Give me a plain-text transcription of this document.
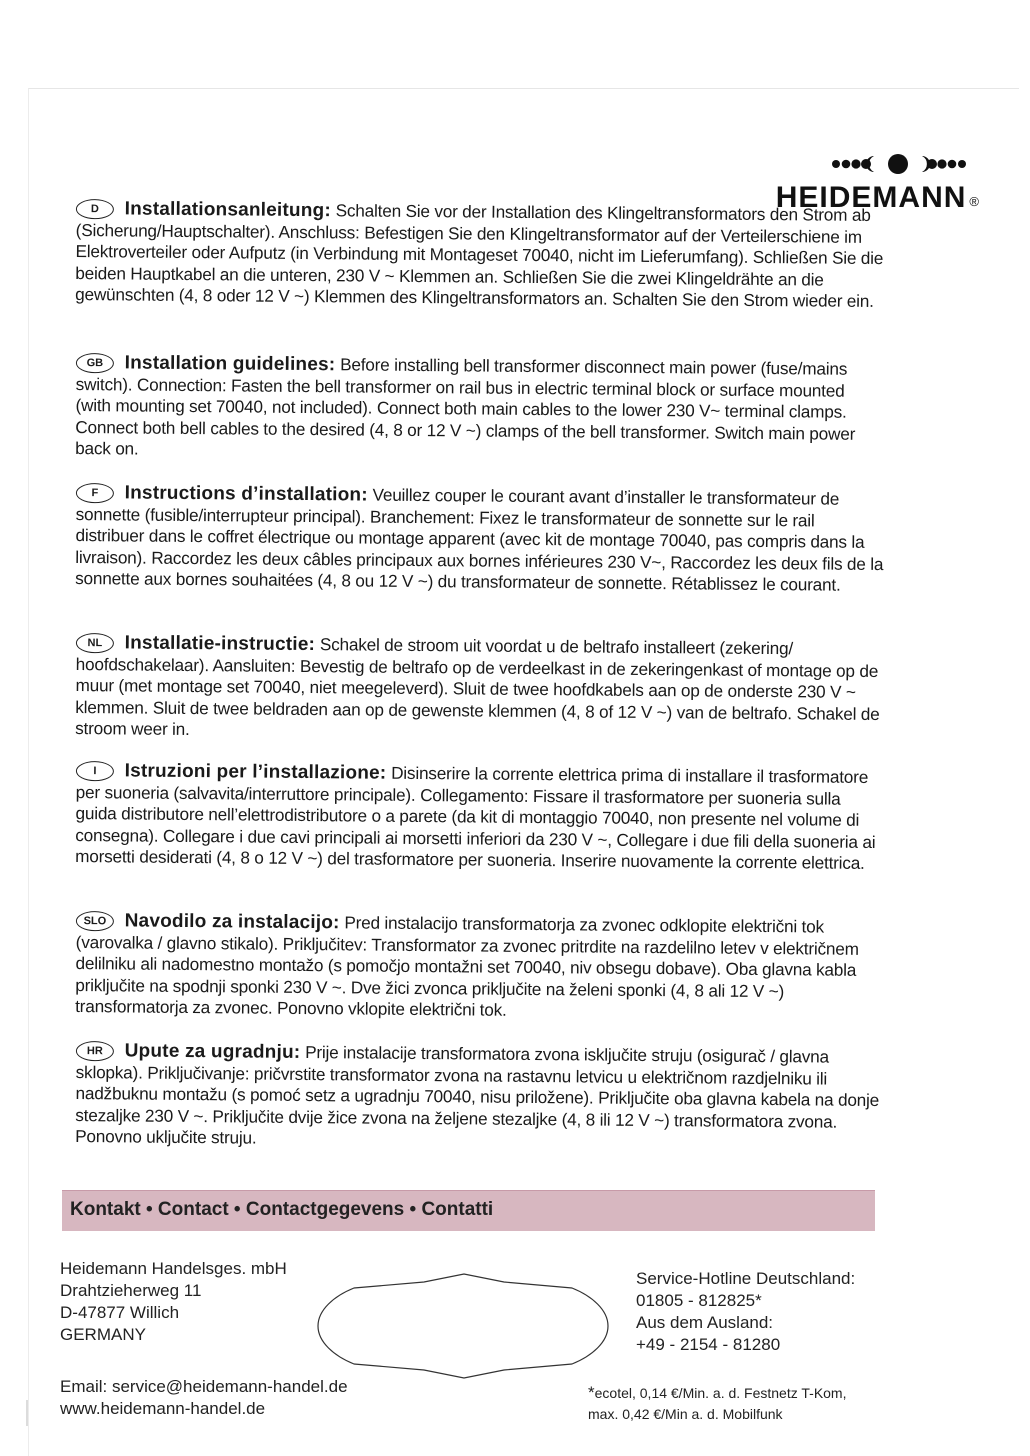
HEIDEMANN ®
D Installationsanleitung: Schalten Sie vor der Installation des Klingeltransformators den Strom ab (Sicherung/Hauptschalter). Anschluss: Befestigen Sie den Klingeltransformator auf der Verteilerschiene im Elektroverteiler oder Aufputz (in Verbindung mit Montageset 70040, nicht im Lieferumfang). Schließen Sie die beiden Hauptkabel an die unteren, 230 V ~ Klemmen an. Schließen Sie die zwei Klingeldrähte an die gewünschten (4, 8 oder 12 V ~) Klemmen des Klingeltransformators an. Schalten Sie den Strom wieder ein.
GB Installation guidelines: Before installing bell transformer disconnect main power (fuse/mains switch). Connection: Fasten the bell transformer on rail bus in electric terminal block or surface mounted (with mounting set 70040, not included). Connect both main cables to the lower 230 V~ terminal clamps. Connect both bell cables to the desired (4, 8 or 12 V ~) clamps of the bell transformer. Switch main power back on.
F Instructions d’installation: Veuillez couper le courant avant d’installer le transformateur de sonnette (fusible/interrupteur principal). Branchement: Fixez le transformateur de sonnette sur le rail distribuer dans le coffret électrique ou montage apparent (avec kit de montage 70040, pas compris dans la livraison). Raccordez les deux câbles principaux aux bornes inférieures 230 V~, Raccordez les deux fils de la sonnette aux bornes souhaitées (4, 8 ou 12 V ~) du transformateur de sonnette. Rétablissez le courant.
NL Installatie-instructie: Schakel de stroom uit voordat u de beltrafo installeert (zekering/ hoofdschakelaar). Aansluiten: Bevestig de beltrafo op de verdeelkast in de zekeringenkast of montage op de muur (met montage set 70040, niet meegeleverd). Sluit de twee hoofdkabels aan op de onderste 230 V ~ klemmen. Sluit de twee beldraden aan op de gewenste klemmen (4, 8 of 12 V ~) van de beltrafo. Schakel de stroom weer in.
I Istruzioni per l’installazione: Disinserire la corrente elettrica prima di installare il trasformatore per suoneria (salvavita/interruttore principale). Collegamento: Fissare il trasformatore per suoneria sulla guida distributore nell’elettrodistributore o a parete (da kit di montaggio 70040, non presente nel volume di consegna). Collegare i due cavi principali ai morsetti inferiori da 230 V ~, Collegare i due fili della suoneria ai morsetti desiderati (4, 8 o 12 V ~) del trasformatore per suoneria. Inserire nuovamente la corrente elettrica.
SLO Navodilo za instalacijo: Pred instalacijo transformatorja za zvonec odklopite električni tok (varovalka / glavno stikalo). Priključitev: Transformator za zvonec pritrdite na razdelilno letev v električnem delilniku ali nadomestno montažo (s pomočjo montažni set 70040, niv obsegu dobave). Oba glavna kabla priključite na spodnji sponki 230 V ~. Dve žici zvonca priključite na želeni sponki (4, 8 ali 12 V ~) transformatorja za zvonec. Ponovno vklopite električni tok.
HR Upute za ugradnju: Prije instalacije transformatora zvona isključite struju (osigurač / glavna sklopka). Priključivanje: pričvrstite transformator zvona na rastavnu letvicu u električnom razdjelniku ili nadžbuknu montažu (s pomoć setz a ugradnju 70040, nisu priložene). Priključite oba glavna kabela na donje stezaljke 230 V ~. Priključite dvije žice zvona na željene stezaljke (4, 8 ili 12 V ~) transformatora zvona. Ponovno uključite struju.
Kontakt • Contact • Contactgegevens • Contatti
Heidemann Handelsges. mbH
Drahtzieherweg 11
D-47877 Willich
GERMANY
Email: service@heidemann-handel.de
www.heidemann-handel.de
Service-Hotline Deutschland:
01805 - 812825*
Aus dem Ausland:
+49 - 2154 - 81280
*ecotel, 0,14 €/Min. a. d. Festnetz T-Kom,
max. 0,42 €/Min a. d. Mobilfunk
